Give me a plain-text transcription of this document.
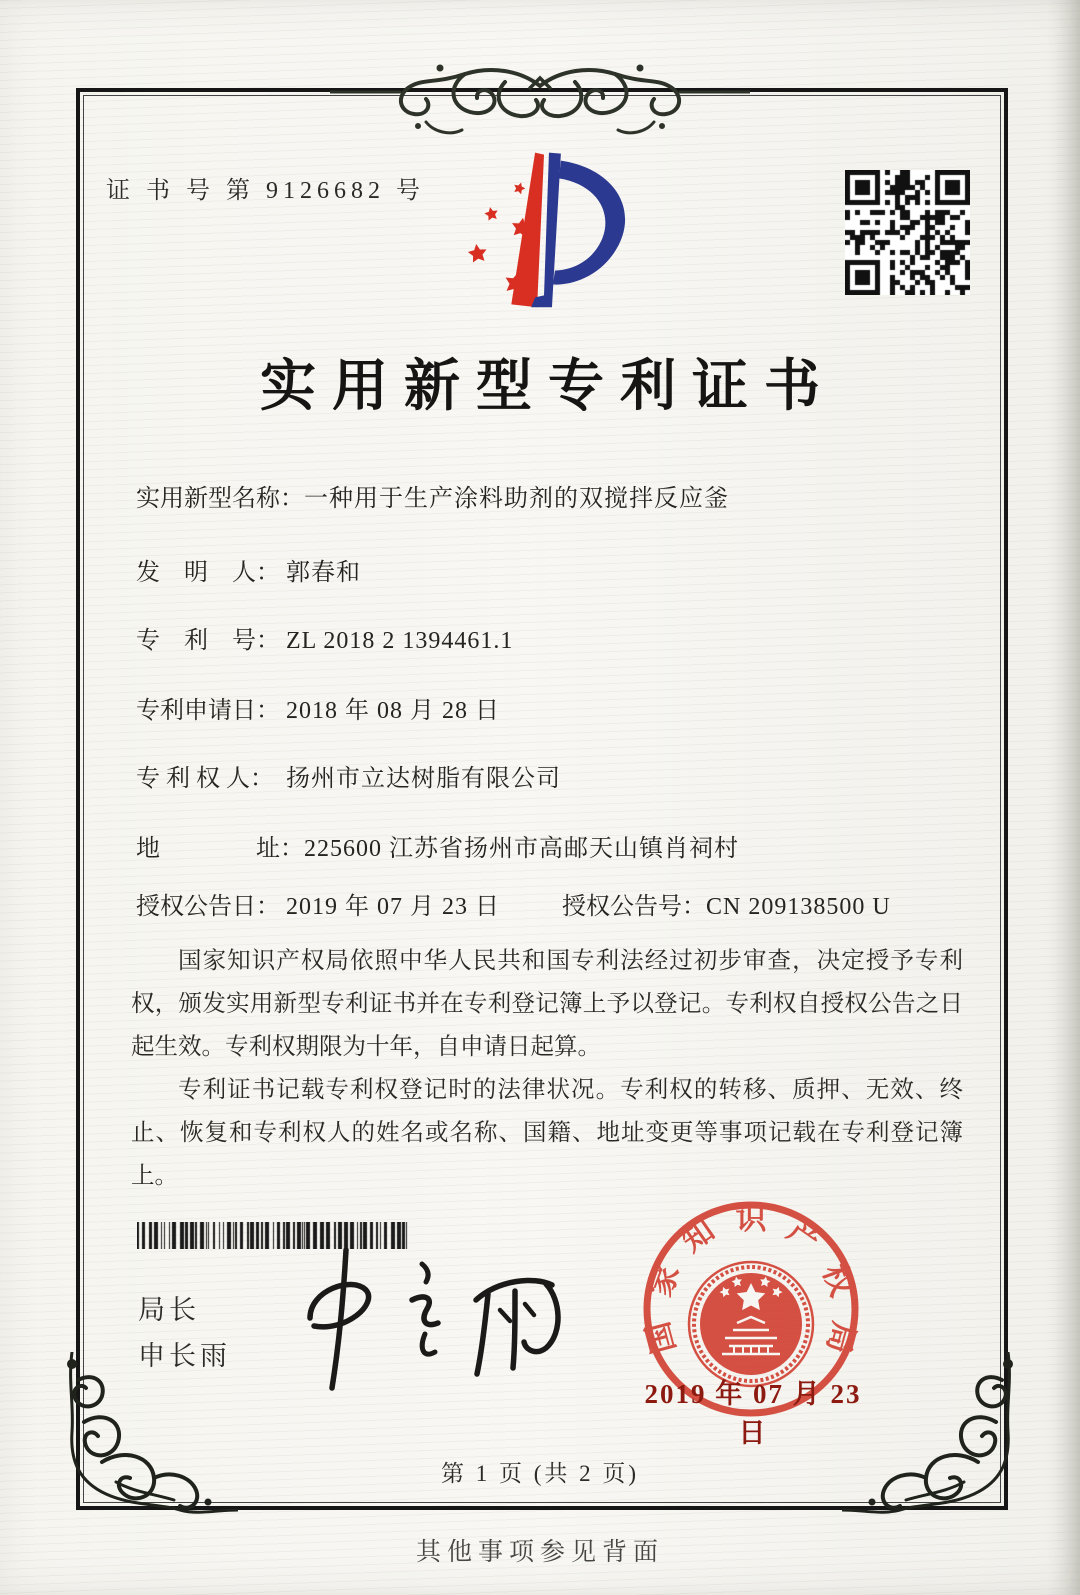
证 书 号 第 9126682 号
实用新型专利证书
实用新型名称：一种用于生产涂料助剂的双搅拌反应釜
发　明　人： 郭春和
专　利　号： ZL 2018 2 1394461.1
专利申请日： 2018 年 08 月 28 日
专 利 权 人： 扬州市立达树脂有限公司
地　　　　址：225600 江苏省扬州市高邮天山镇肖祠村
授权公告日： 2019 年 07 月 23 日	授权公告号：CN 209138500 U

国家知识产权局依照中华人民共和国专利法经过初步审查，决定授予专利权，颁发实用新型专利证书并在专利登记簿上予以登记。专利权自授权公告之日起生效。专利权期限为十年，自申请日起算。

专利证书记载专利权登记时的法律状况。专利权的转移、质押、无效、终止、恢复和专利权人的姓名或名称、国籍、地址变更等事项记载在专利登记簿上。

局长
申长雨	国
家
知 识 产
权
局
2019 年 07 月 23 日
第 1 页 (共 2 页)
其他事项参见背面
